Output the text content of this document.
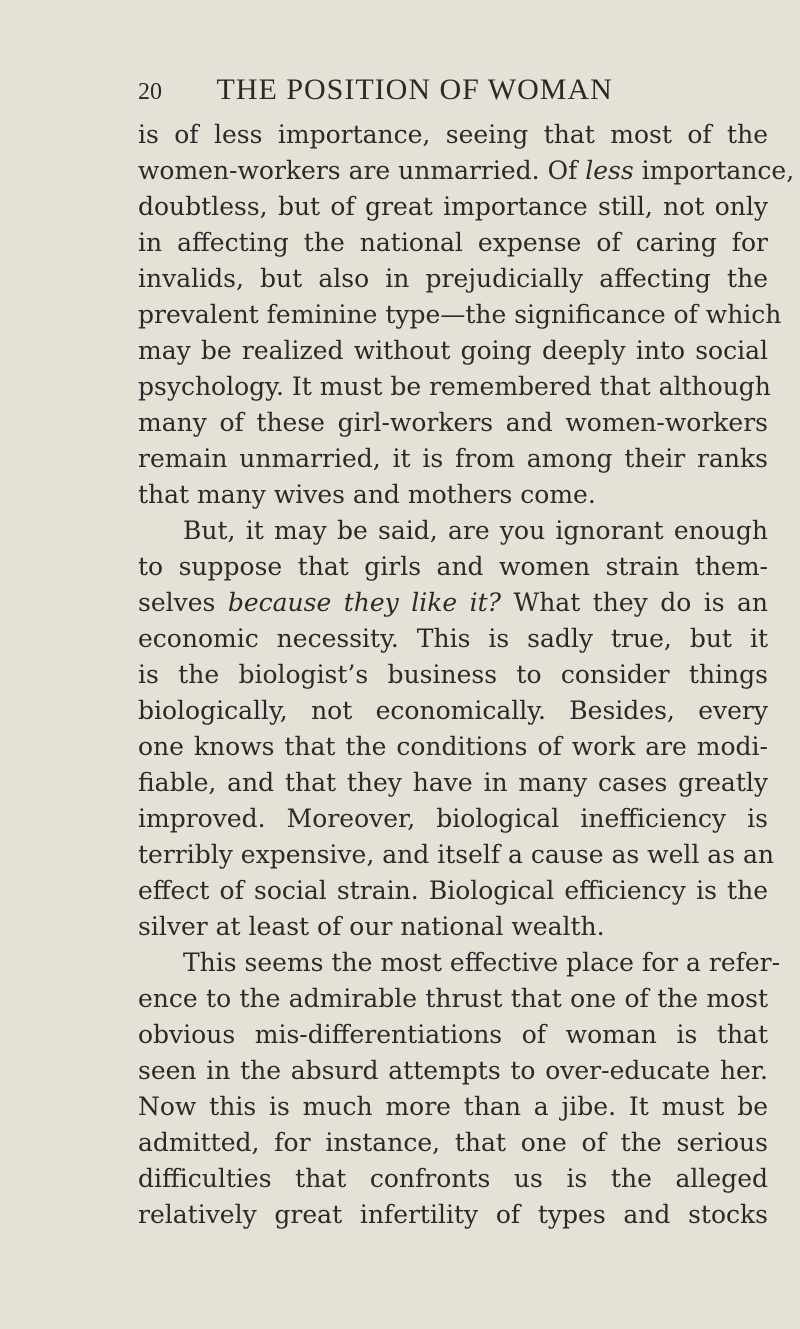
20 THE POSITION OF WOMAN
is of less importance, seeing that most of the
women-workers are unmarried. Of less importance,
doubtless, but of great importance still, not only
in affecting the national expense of caring for
invalids, but also in prejudicially affecting the
prevalent feminine type—the significance of which
may be realized without going deeply into social
psychology. It must be remembered that although
many of these girl-workers and women-workers
remain unmarried, it is from among their ranks
that many wives and mothers come.
But, it may be said, are you ignorant enough
to suppose that girls and women strain them-
selves because they like it? What they do is an
economic necessity. This is sadly true, but it
is the biologist’s business to consider things
biologically, not economically. Besides, every
one knows that the conditions of work are modi-
fiable, and that they have in many cases greatly
improved. Moreover, biological inefficiency is
terribly expensive, and itself a cause as well as an
effect of social strain. Biological efficiency is the
silver at least of our national wealth.
This seems the most effective place for a refer-
ence to the admirable thrust that one of the most
obvious mis-differentiations of woman is that
seen in the absurd attempts to over-educate her.
Now this is much more than a jibe. It must be
admitted, for instance, that one of the serious
difficulties that confronts us is the alleged
relatively great infertility of types and stocks
